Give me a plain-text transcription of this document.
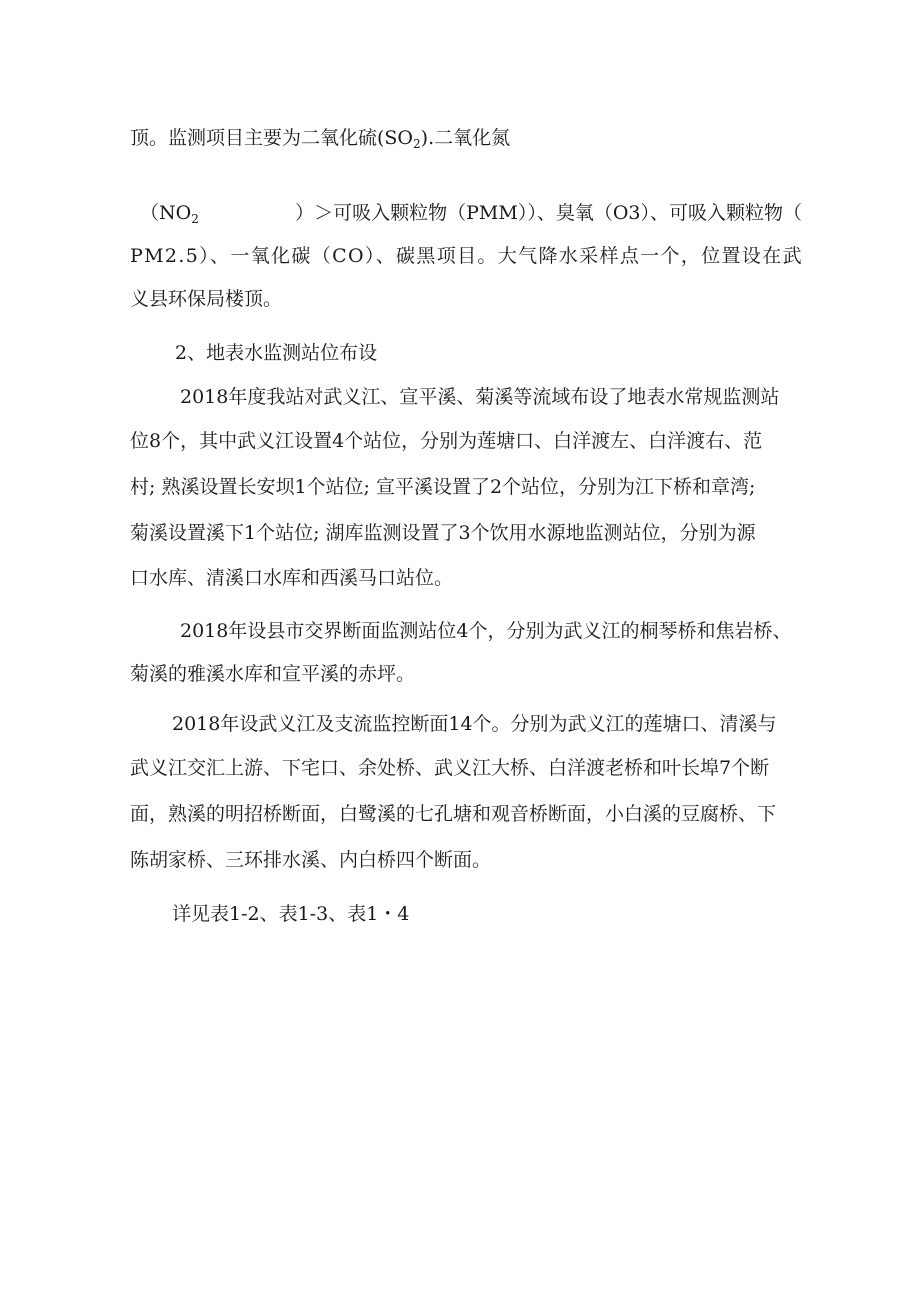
顶。监测项目主要为二氧化硫$(SO_2)$.二氧化氮
（$NO_2$	）＞可吸入颗粒物（PMM））、臭氧（O3）、可吸入颗粒物（
PM2.5）、一氧化碳（CO）、碳黑项目。大气降水采样点一个，位置设在武
义县环保局楼顶。
2、地表水监测站位布设
2018年度我站对武义江、宣平溪、菊溪等流域布设了地表水常规监测站
位8个，其中武义江设置4个站位，分别为莲塘口、白洋渡左、白洋渡右、范
村; 熟溪设置长安坝1个站位; 宣平溪设置了2个站位，分别为江下桥和章湾;
菊溪设置溪下1个站位; 湖库监测设置了3个饮用水源地监测站位，分别为源
口水库、清溪口水库和西溪马口站位。
2018年设县市交界断面监测站位4个，分别为武义江的桐琴桥和焦岩桥、
菊溪的雅溪水库和宣平溪的赤坪。
2018年设武义江及支流监控断面14个。分别为武义江的莲塘口、清溪与
武义江交汇上游、下宅口、余处桥、武义江大桥、白洋渡老桥和叶长埠7个断
面，熟溪的明招桥断面，白鹭溪的七孔塘和观音桥断面，小白溪的豆腐桥、下
陈胡家桥、三环排水溪、内白桥四个断面。
详见表1-2、表1-3、表1・4
